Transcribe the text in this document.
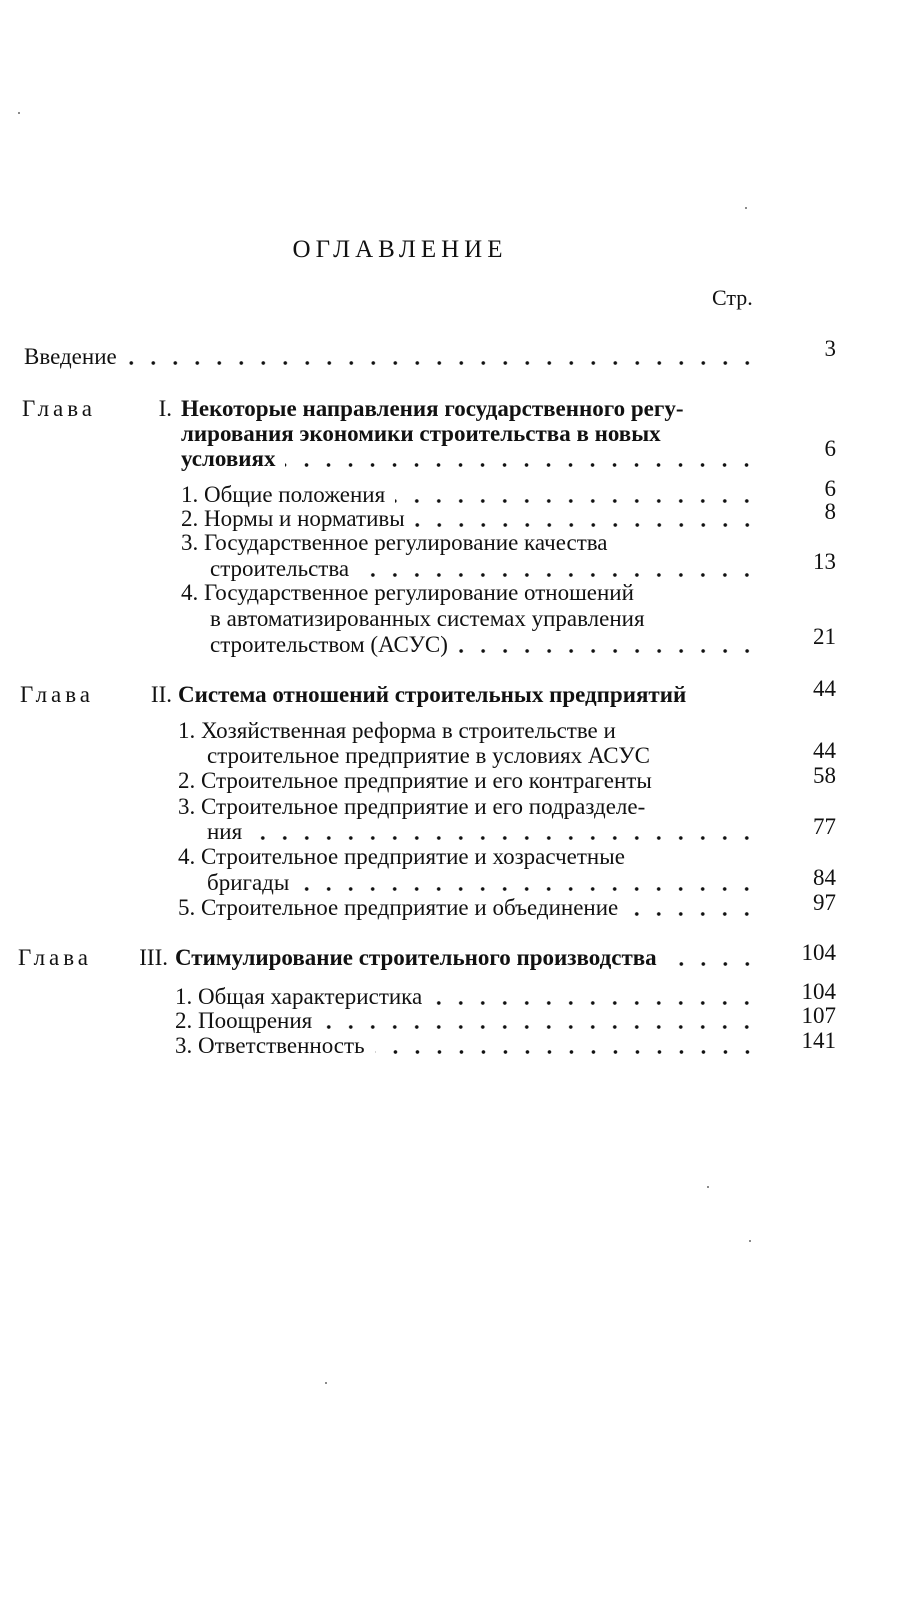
ОГЛАВЛЕНИЕ
Стр.
Введение	3
Глава	I. Некоторые направления государственного регу-
лирования экономики строительства в новых
условиях	6
1. Общие положения	6
2. Нормы и нормативы	8
3. Государственное регулирование качества
строительства	13
4. Государственное регулирование отношений
в автоматизированных системах управления
строительством (АСУС)	21
Глава	II. Система отношений строительных предприятий	44
1. Хозяйственная реформа в строительстве и
строительное предприятие в условиях АСУС	44
2. Строительное предприятие и его контрагенты	58
3. Строительное предприятие и его подразделе-
ния	77
4. Строительное предприятие и хозрасчетные
бригады	84
5. Строительное предприятие и объединение	97
Глава	III. Стимулирование строительного производства	104
1. Общая характеристика	104
2. Поощрения	107
3. Ответственность	141
